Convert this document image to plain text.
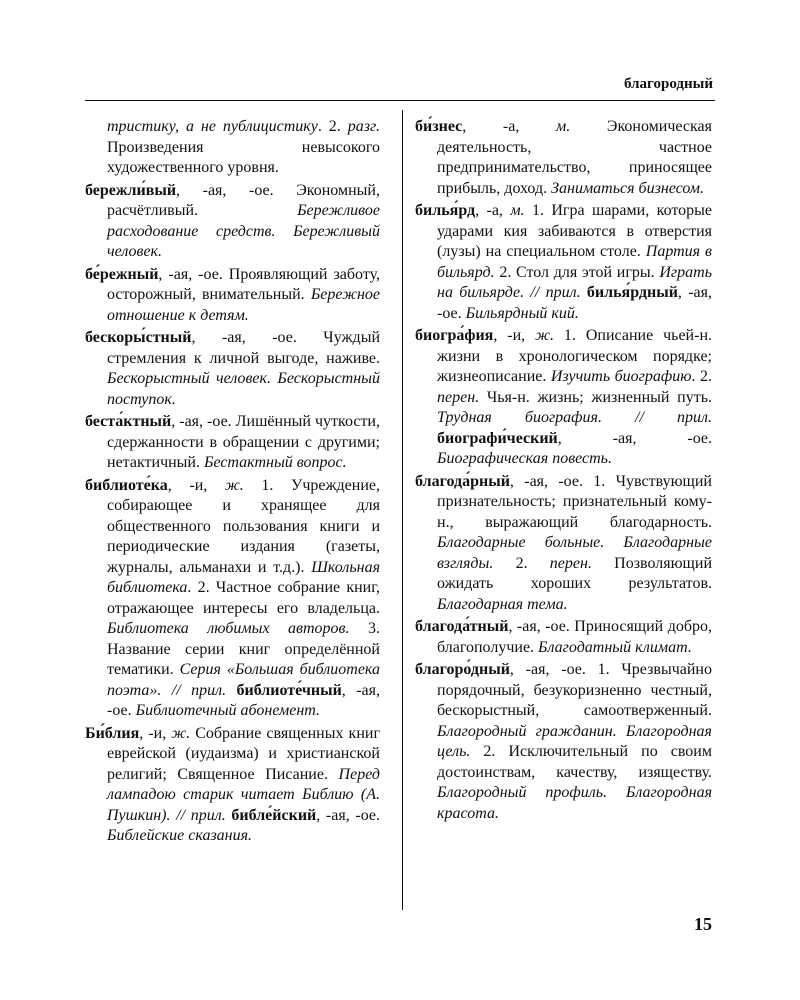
благородный

тристику, а не публицистику. 2. разг. Произведения невысокого художественного уровня.

бережли́вый, -ая, -ое. Экономный, расчётливый. Бережливое расходование средств. Бережливый человек.

бе́режный, -ая, -ое. Проявляющий заботу, осторожный, внимательный. Бережное отношение к детям.

бескоры́стный, -ая, -ое. Чуждый стремления к личной выгоде, наживе. Бескорыстный человек. Бескорыстный поступок.

беста́ктный, -ая, -ое. Лишённый чуткости, сдержанности в обращении с другими; нетактичный. Бестактный вопрос.

библиоте́ка, -и, ж. 1. Учреждение, собирающее и хранящее для общественного пользования книги и периодические издания (газеты, журналы, альманахи и т.д.). Школьная библиотека. 2. Частное собрание книг, отражающее интересы его владельца. Библиотека любимых авторов. 3. Название серии книг определённой тематики. Серия «Большая библиотека поэта». // прил. библиоте́чный, -ая, -ое. Библиотечный абонемент.

Би́блия, -и, ж. Собрание священных книг еврейской (иудаизма) и христианской религий; Священное Писание. Перед лампадою старик читает Библию (А. Пушкин). // прил. библе́йский, -ая, -ое. Библейские сказания.

би́знес, -а, м. Экономическая деятельность, частное предпринимательство, приносящее прибыль, доход. Заниматься бизнесом.

билья́рд, -а, м. 1. Игра шарами, которые ударами кия забиваются в отверстия (лузы) на специальном столе. Партия в бильярд. 2. Стол для этой игры. Играть на бильярде. // прил. билья́рдный, -ая, -ое. Бильярдный кий.

биогра́фия, -и, ж. 1. Описание чьей-н. жизни в хронологическом порядке; жизнеописание. Изучить биографию. 2. перен. Чья-н. жизнь; жизненный путь. Трудная биография. // прил. биографи́ческий, -ая, -ое. Биографическая повесть.

благода́рный, -ая, -ое. 1. Чувствующий признательность; признательный кому-н., выражающий благодарность. Благодарные больные. Благодарные взгляды. 2. перен. Позволяющий ожидать хороших результатов. Благодарная тема.

благода́тный, -ая, -ое. Приносящий добро, благополучие. Благодатный климат.

благоро́дный, -ая, -ое. 1. Чрезвычайно порядочный, безукоризненно честный, бескорыстный, самоотверженный. Благородный гражданин. Благородная цель. 2. Исключительный по своим достоинствам, качеству, изяществу. Благородный профиль. Благородная красота.

15
